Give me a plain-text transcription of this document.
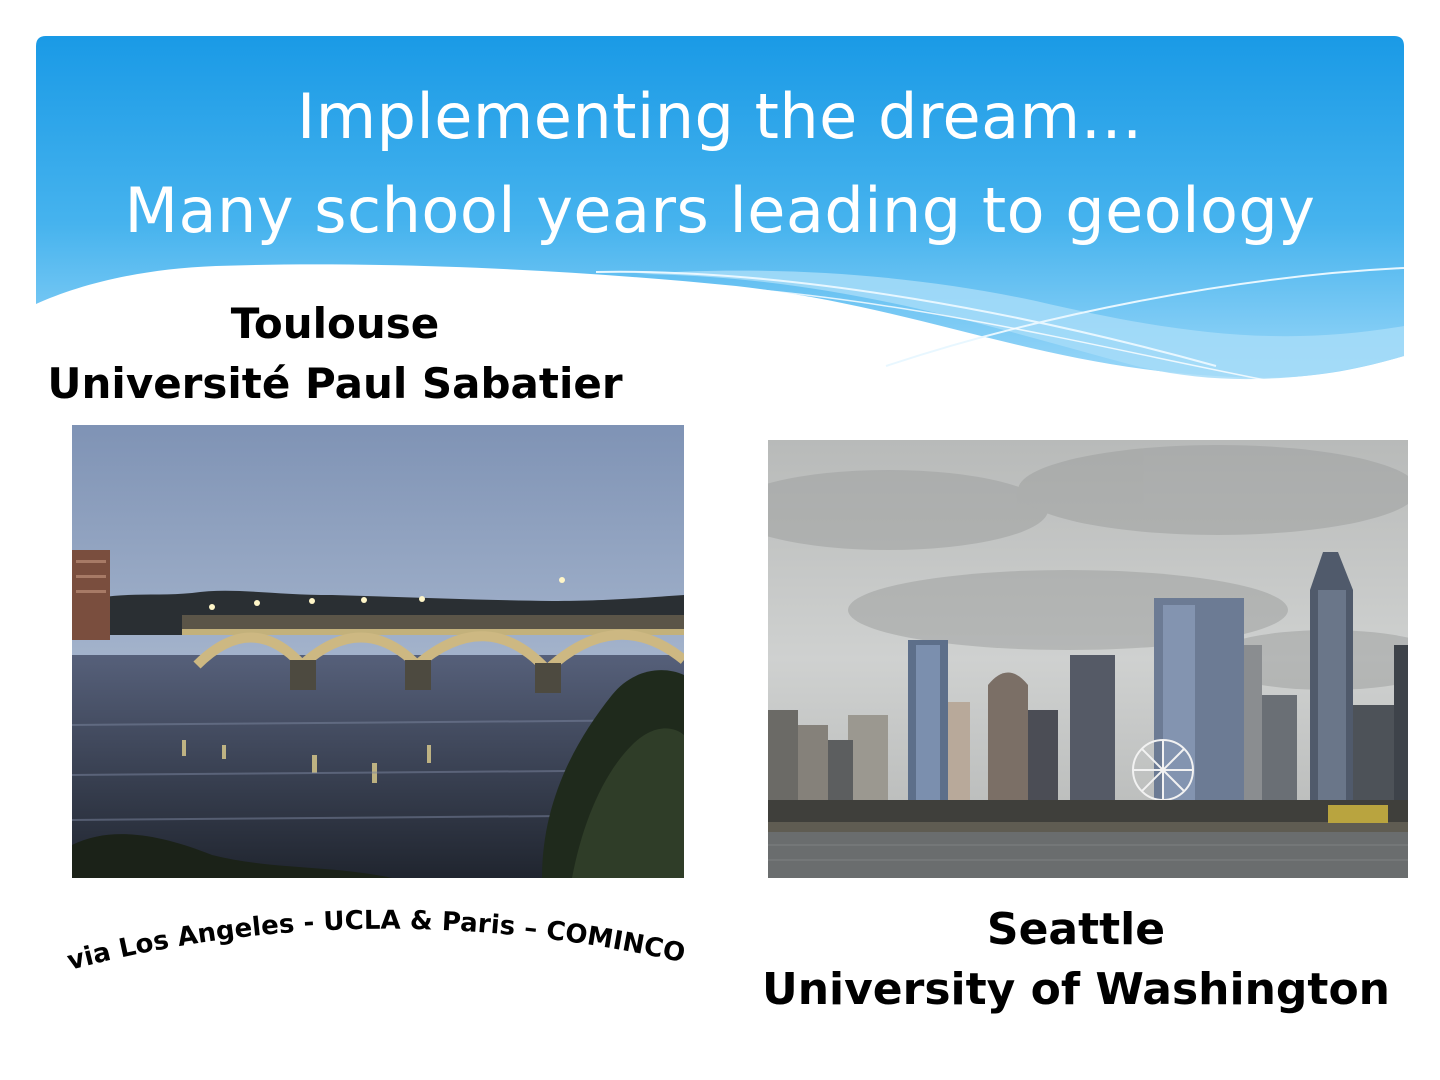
Implementing the dream…
Many school years leading to geology
Toulouse
Université Paul Sabatier
via Los Angeles - UCLA & Paris – COMINCO	Seattle
University of Washington
